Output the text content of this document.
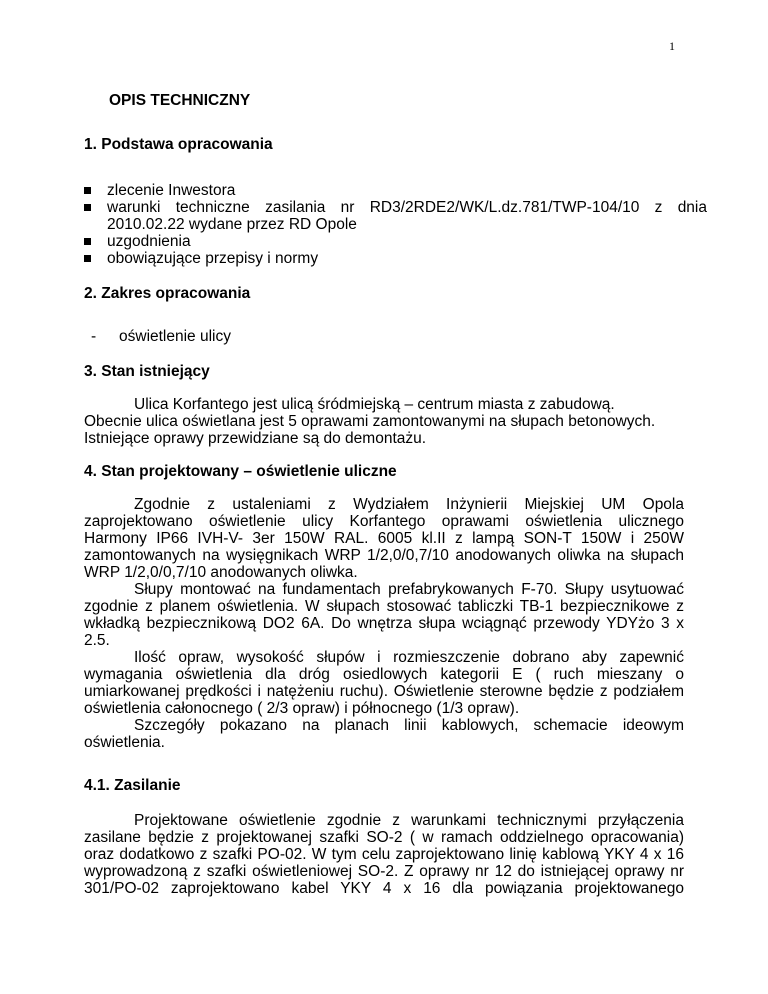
1
OPIS TECHNICZNY
1. Podstawa opracowania
zlecenie Inwestora
warunki techniczne zasilania nr RD3/2RDE2/WK/L.dz.781/TWP-104/10 z dnia
2010.02.22 wydane przez RD Opole
uzgodnienia
obowiązujące przepisy i normy
2. Zakres opracowania
- oświetlenie ulicy
3. Stan istniejący
Ulica Korfantego jest ulicą śródmiejską – centrum miasta z zabudową.
Obecnie ulica oświetlana jest 5 oprawami zamontowanymi na słupach betonowych.
Istniejące oprawy przewidziane są do demontażu.
4. Stan projektowany – oświetlenie uliczne
Zgodnie z ustaleniami z Wydziałem Inżynierii Miejskiej UM Opola
zaprojektowano oświetlenie ulicy Korfantego oprawami oświetlenia ulicznego
Harmony IP66 IVH-V- 3er 150W RAL. 6005 kl.II z lampą SON-T 150W i 250W
zamontowanych na wysięgnikach WRP 1/2,0/0,7/10 anodowanych oliwka na słupach
WRP 1/2,0/0,7/10 anodowanych oliwka.
Słupy montować na fundamentach prefabrykowanych F-70. Słupy usytuować
zgodnie z planem oświetlenia. W słupach stosować tabliczki TB-1 bezpiecznikowe z
wkładką bezpiecznikową DO2 6A. Do wnętrza słupa wciągnąć przewody YDYżo 3 x
2.5.
Ilość opraw, wysokość słupów i rozmieszczenie dobrano aby zapewnić
wymagania oświetlenia dla dróg osiedlowych kategorii E ( ruch mieszany o
umiarkowanej prędkości i natężeniu ruchu). Oświetlenie sterowne będzie z podziałem
oświetlenia całonocnego ( 2/3 opraw) i północnego (1/3 opraw).
Szczegóły pokazano na planach linii kablowych, schemacie ideowym
oświetlenia.
4.1. Zasilanie
Projektowane oświetlenie zgodnie z warunkami technicznymi przyłączenia
zasilane będzie z projektowanej szafki SO-2 ( w ramach oddzielnego opracowania)
oraz dodatkowo z szafki PO-02. W tym celu zaprojektowano linię kablową YKY 4 x 16
wyprowadzoną z szafki oświetleniowej SO-2. Z oprawy nr 12 do istniejącej oprawy nr
301/PO-02 zaprojektowano kabel YKY 4 x 16 dla powiązania projektowanego
